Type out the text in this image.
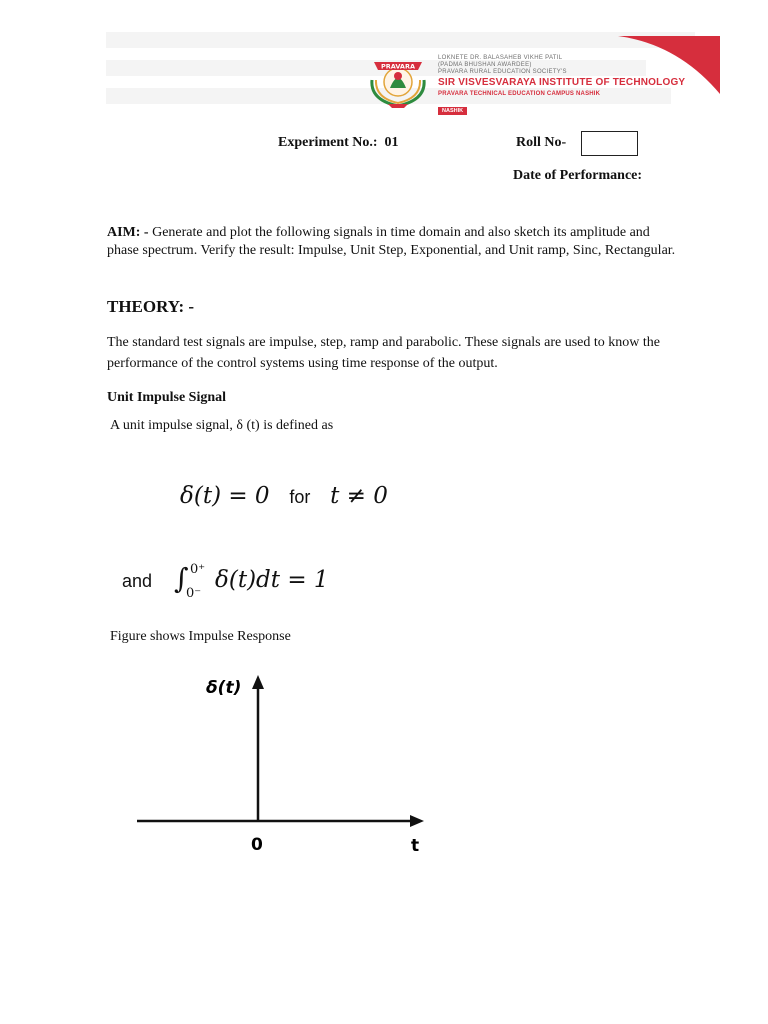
PRAVARA
LOKNETE DR. BALASAHEB VIKHE PATIL
(PADMA BHUSHAN AWARDEE)
PRAVARA RURAL EDUCATION SOCIETY'S
SIR VISVESVARAYA INSTITUTE OF TECHNOLOGY
PRAVARA TECHNICAL EDUCATION CAMPUS NASHIK
NASHIK
Experiment No.: 01	Roll No-
Date of Performance:
AIM: - Generate and plot the following signals in time domain and also sketch its amplitude and phase spectrum. Verify the result: Impulse, Unit Step, Exponential, and Unit ramp, Sinc, Rectangular.
THEORY: -
The standard test signals are impulse, step, ramp and parabolic. These signals are used to know the performance of the control systems using time response of the output.
Unit Impulse Signal
A unit impulse signal, δ (t) is defined as
δ(t) = 0 for t ≠ 0
and ∫ 0⁺
0⁻
δ(t)dt = 1
Figure shows Impulse Response
δ(t)
0	t
